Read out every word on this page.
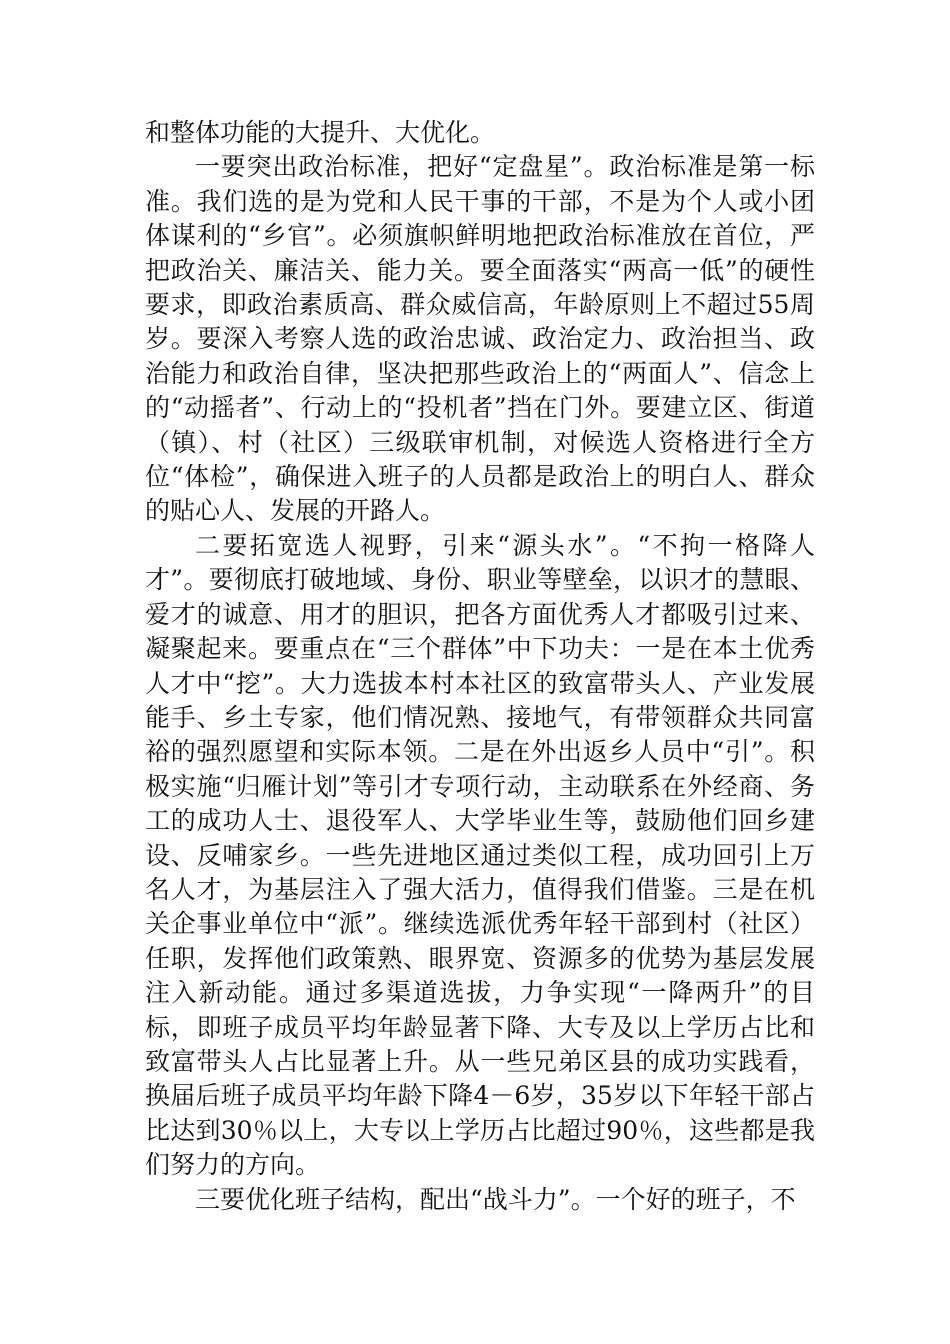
和整体功能的大提升、大优化。

一要突出政治标准，把好“定盘星”。政治标准是第一标准。我们选的是为党和人民干事的干部，不是为个人或小团体谋利的“乡官”。必须旗帜鲜明地把政治标准放在首位，严把政治关、廉洁关、能力关。要全面落实“两高一低”的硬性要求，即政治素质高、群众威信高，年龄原则上不超过55周岁。要深入考察人选的政治忠诚、政治定力、政治担当、政治能力和政治自律，坚决把那些政治上的“两面人”、信念上的“动摇者”、行动上的“投机者”挡在门外。要建立区、街道（镇）、村（社区）三级联审机制，对候选人资格进行全方位“体检”，确保进入班子的人员都是政治上的明白人、群众的贴心人、发展的开路人。

二要拓宽选人视野，引来“源头水”。“不拘一格降人才”。要彻底打破地域、身份、职业等壁垒，以识才的慧眼、爱才的诚意、用才的胆识，把各方面优秀人才都吸引过来、凝聚起来。要重点在“三个群体”中下功夫：一是在本土优秀人才中“挖”。大力选拔本村本社区的致富带头人、产业发展能手、乡土专家，他们情况熟、接地气，有带领群众共同富裕的强烈愿望和实际本领。二是在外出返乡人员中“引”。积极实施“归雁计划”等引才专项行动，主动联系在外经商、务工的成功人士、退役军人、大学毕业生等，鼓励他们回乡建设、反哺家乡。一些先进地区通过类似工程，成功回引上万名人才，为基层注入了强大活力，值得我们借鉴。三是在机关企事业单位中“派”。继续选派优秀年轻干部到村（社区）任职，发挥他们政策熟、眼界宽、资源多的优势为基层发展注入新动能。通过多渠道选拔，力争实现“一降两升”的目标，即班子成员平均年龄显著下降、大专及以上学历占比和致富带头人占比显著上升。从一些兄弟区县的成功实践看，换届后班子成员平均年龄下降4－6岁，35岁以下年轻干部占比达到30％以上，大专以上学历占比超过90％，这些都是我们努力的方向。

三要优化班子结构，配出“战斗力”。一个好的班子，不
